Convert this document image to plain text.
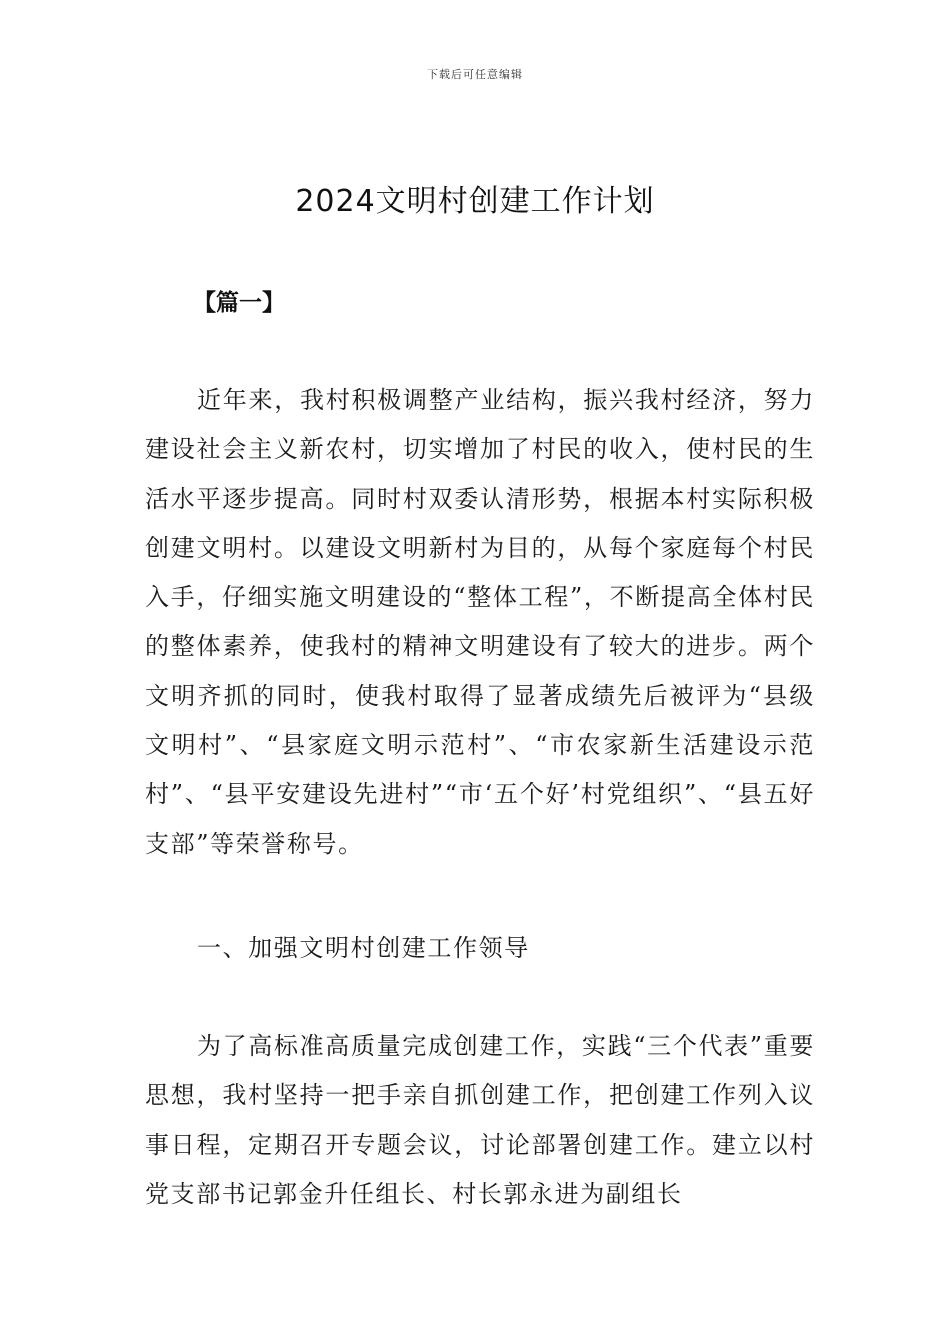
下载后可任意编辑
2024文明村创建工作计划
【篇一】

近年来，我村积极调整产业结构，振兴我村经济，努力建设社会主义新农村，切实增加了村民的收入，使村民的生活水平逐步提高。同时村双委认清形势，根据本村实际积极创建文明村。以建设文明新村为目的，从每个家庭每个村民入手，仔细实施文明建设的“整体工程”，不断提高全体村民的整体素养，使我村的精神文明建设有了较大的进步。两个文明齐抓的同时，使我村取得了显著成绩先后被评为“县级文明村”、“县家庭文明示范村”、“市农家新生活建设示范村”、“县平安建设先进村”“市‘五个好’村党组织”、“县五好支部”等荣誉称号。

一、加强文明村创建工作领导

为了高标准高质量完成创建工作，实践“三个代表”重要思想，我村坚持一把手亲自抓创建工作，把创建工作列入议事日程，定期召开专题会议，讨论部署创建工作。建立以村党支部书记郭金升任组长、村长郭永进为副组长
